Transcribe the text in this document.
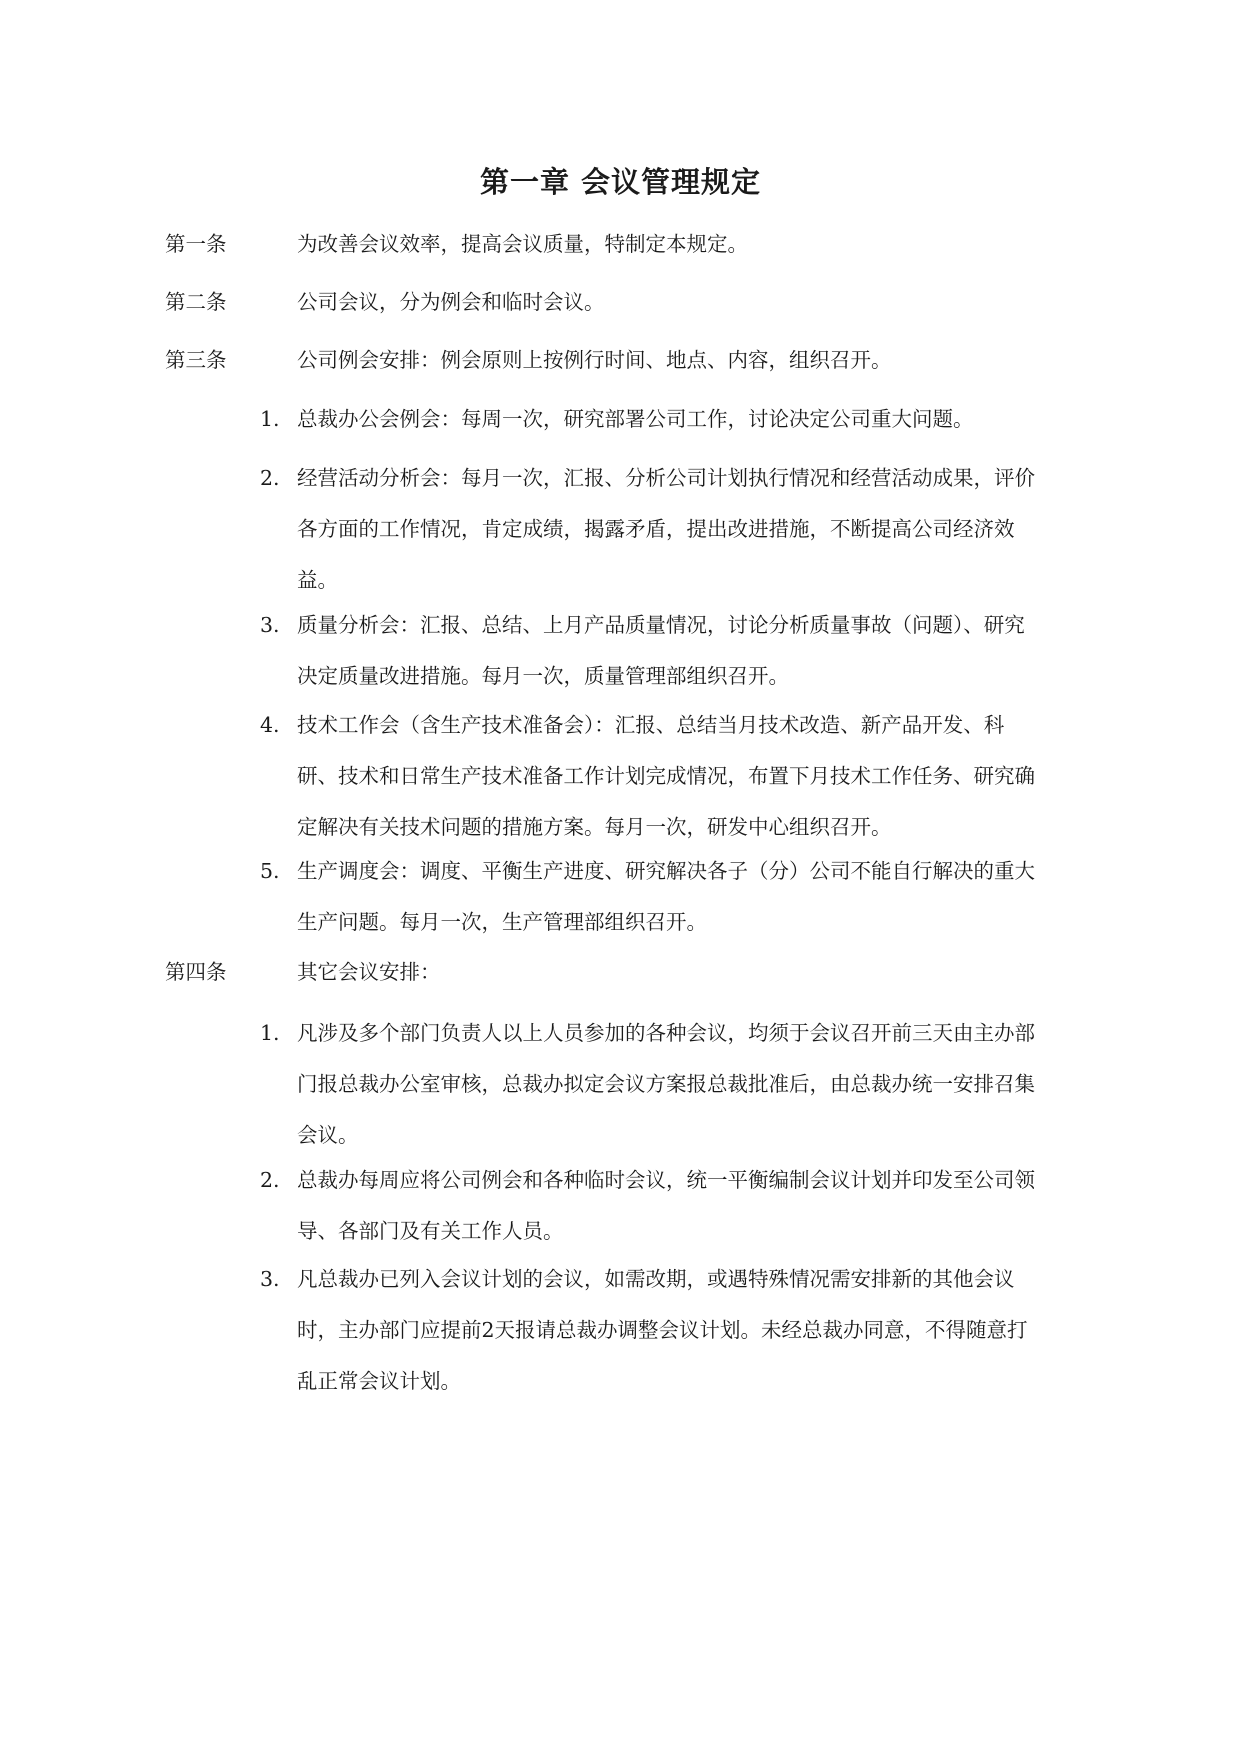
第一章 会议管理规定
第一条	为改善会议效率，提高会议质量，特制定本规定。
第二条	公司会议，分为例会和临时会议。
第三条	公司例会安排：例会原则上按例行时间、地点、内容，组织召开。
1. 总裁办公会例会：每周一次，研究部署公司工作，讨论决定公司重大问题。
2. 经营活动分析会：每月一次，汇报、分析公司计划执行情况和经营活动成果，评价
各方面的工作情况，肯定成绩，揭露矛盾，提出改进措施，不断提高公司经济效
益。
3. 质量分析会：汇报、总结、上月产品质量情况，讨论分析质量事故（问题）、研究
决定质量改进措施。每月一次，质量管理部组织召开。
4. 技术工作会（含生产技术准备会）：汇报、总结当月技术改造、新产品开发、科
研、技术和日常生产技术准备工作计划完成情况，布置下月技术工作任务、研究确
定解决有关技术问题的措施方案。每月一次，研发中心组织召开。
5. 生产调度会：调度、平衡生产进度、研究解决各子（分）公司不能自行解决的重大
生产问题。每月一次，生产管理部组织召开。
第四条	其它会议安排：
1. 凡涉及多个部门负责人以上人员参加的各种会议，均须于会议召开前三天由主办部
门报总裁办公室审核，总裁办拟定会议方案报总裁批准后，由总裁办统一安排召集
会议。
2. 总裁办每周应将公司例会和各种临时会议，统一平衡编制会议计划并印发至公司领
导、各部门及有关工作人员。
3. 凡总裁办已列入会议计划的会议，如需改期，或遇特殊情况需安排新的其他会议
时，主办部门应提前2天报请总裁办调整会议计划。未经总裁办同意，不得随意打
乱正常会议计划。
